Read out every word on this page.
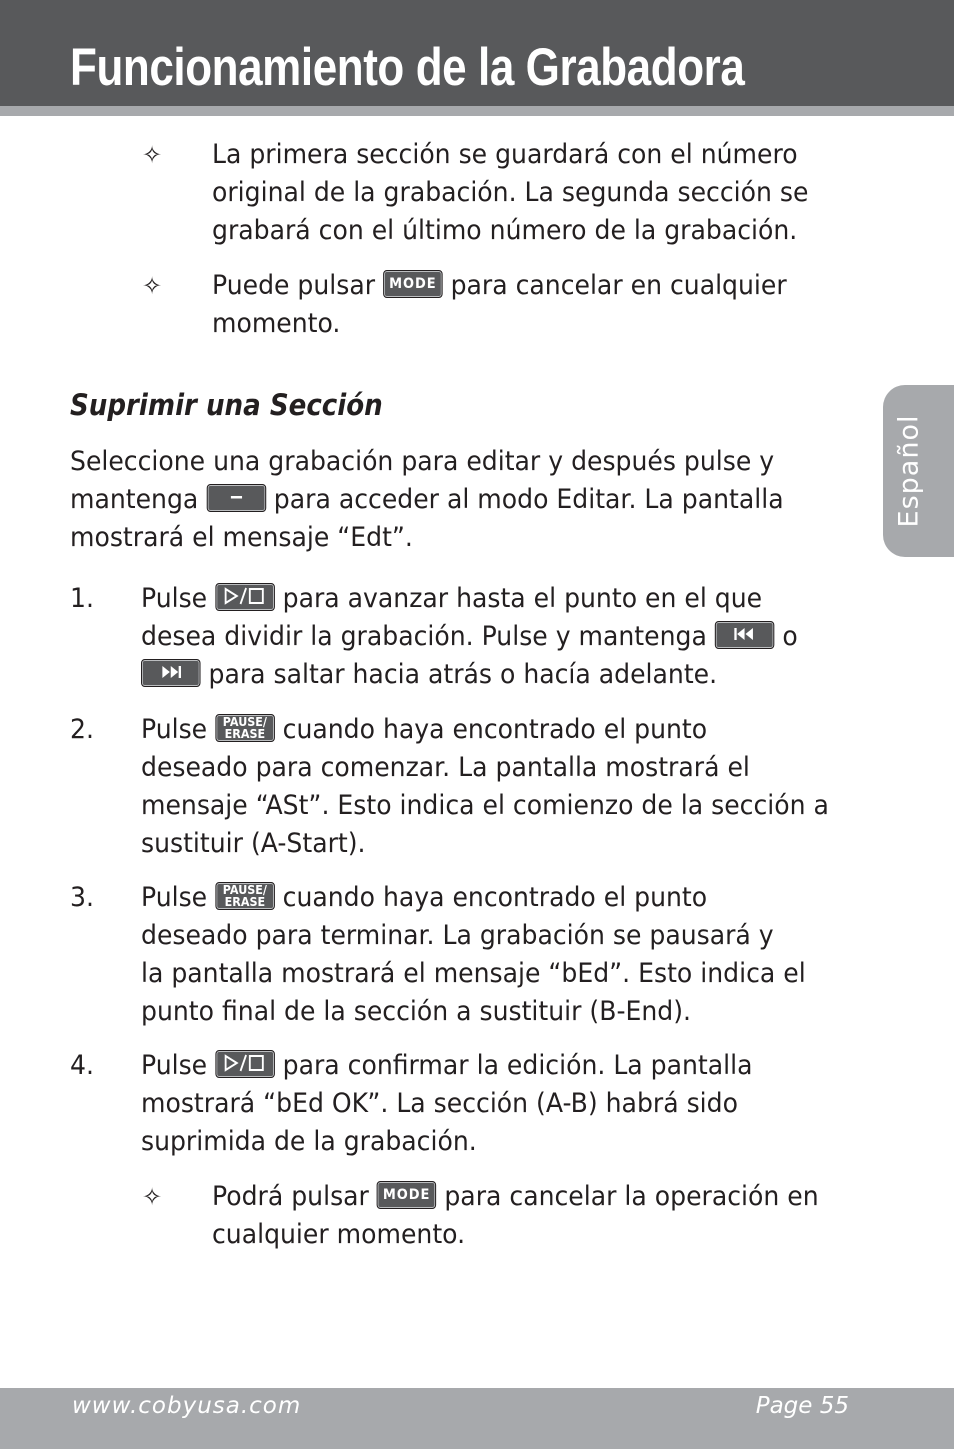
Funcionamiento de la Grabadora
Español
✧ La primera sección se guardará con el número
original de la grabación. La segunda sección se
grabará con el último número de la grabación.
✧ Puede pulsar MODE para cancelar en cualquier
momento.
Suprimir una Sección
Seleccione una grabación para editar y después pulse y
mantenga	para acceder al modo Editar. La pantalla
mostrará el mensaje “Edt”.
1. Pulse	para avanzar hasta el punto en el que
desea dividir la grabación. Pulse y mantenga	o
para saltar hacia atrás o hacía adelante.
2. Pulse PAUSE/
ERASE cuando haya encontrado el punto
deseado para comenzar. La pantalla mostrará el
mensaje “ASt”. Esto indica el comienzo de la sección a
sustituir (A-Start).
3. Pulse PAUSE/
ERASE cuando haya encontrado el punto
deseado para terminar. La grabación se pausará y
la pantalla mostrará el mensaje “bEd”. Esto indica el
punto final de la sección a sustituir (B-End).
4. Pulse	para confirmar la edición. La pantalla
mostrará “bEd OK”. La sección (A-B) habrá sido
suprimida de la grabación.
✧ Podrá pulsar MODE para cancelar la operación en
cualquier momento.
www.cobyusa.com	Page 55
